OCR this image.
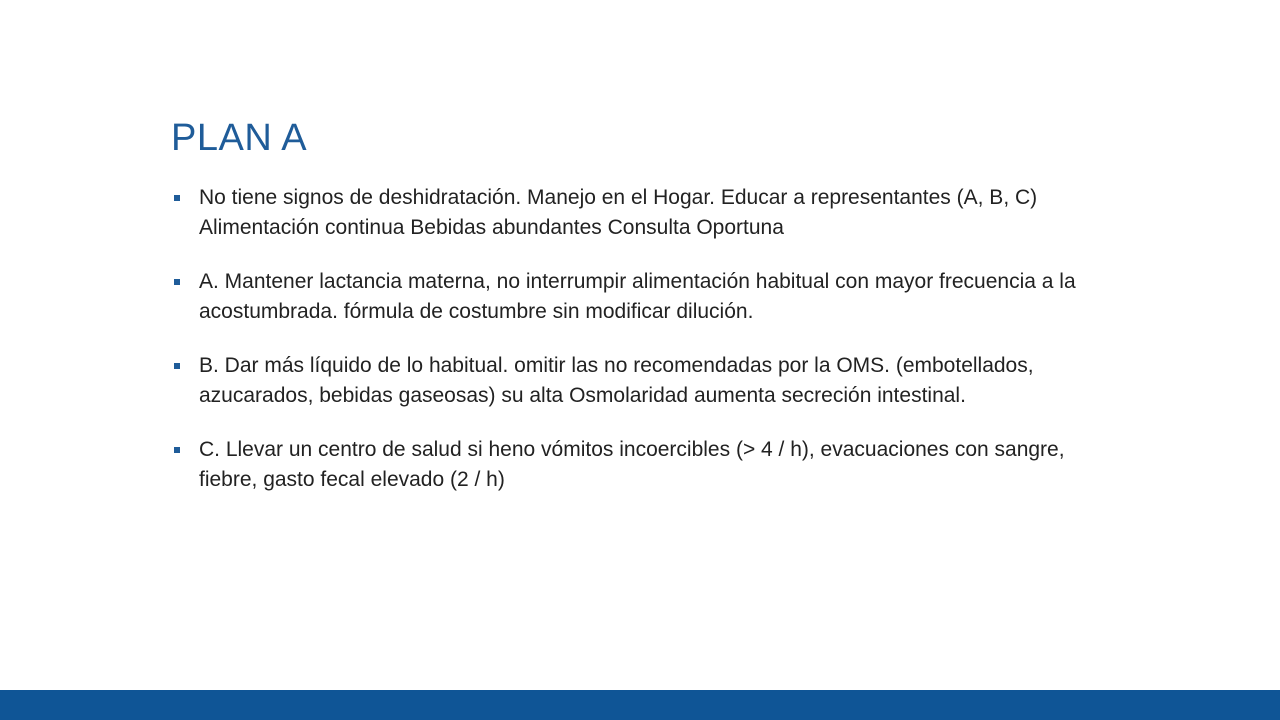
PLAN A
No tiene signos de deshidratación. Manejo en el Hogar. Educar a representantes (A, B, C) Alimentación continua Bebidas abundantes Consulta Oportuna
A. Mantener lactancia materna, no interrumpir alimentación habitual con mayor frecuencia a la acostumbrada. fórmula de costumbre sin modificar dilución.
B. Dar más líquido de lo habitual. omitir las no recomendadas por la OMS. (embotellados, azucarados, bebidas gaseosas) su alta Osmolaridad aumenta secreción intestinal.
C. Llevar un centro de salud si heno vómitos incoercibles (> 4 / h), evacuaciones con sangre, fiebre, gasto fecal elevado (2 / h)
